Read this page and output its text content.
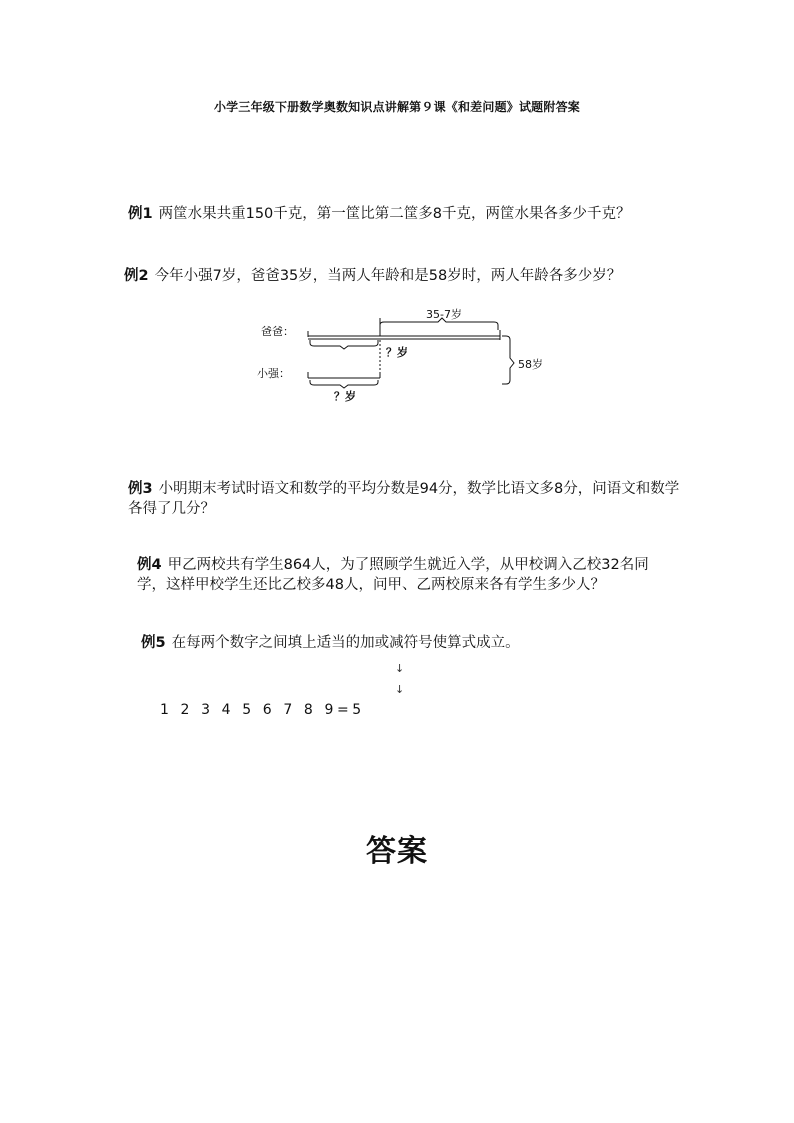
小学三年级下册数学奥数知识点讲解第９课《和差问题》试题附答案
例1 两筐水果共重150千克，第一筐比第二筐多8千克，两筐水果各多少千克？
例2 今年小强7岁，爸爸35岁，当两人年龄和是58岁时，两人年龄各多少岁？
爸爸：
小强：
35-7岁
？岁
？岁
58岁
例3 小明期末考试时语文和数学的平均分数是94分，数学比语文多8分，问语文和数学各得了几分？
例4 甲乙两校共有学生864人，为了照顾学生就近入学，从甲校调入乙校32名同学，这样甲校学生还比乙校多48人，问甲、乙两校原来各有学生多少人？
例5 在每两个数字之间填上适当的加或减符号使算式成立。
↓
↓
1 2 3 4 5 6 7 8 9=5
答案
